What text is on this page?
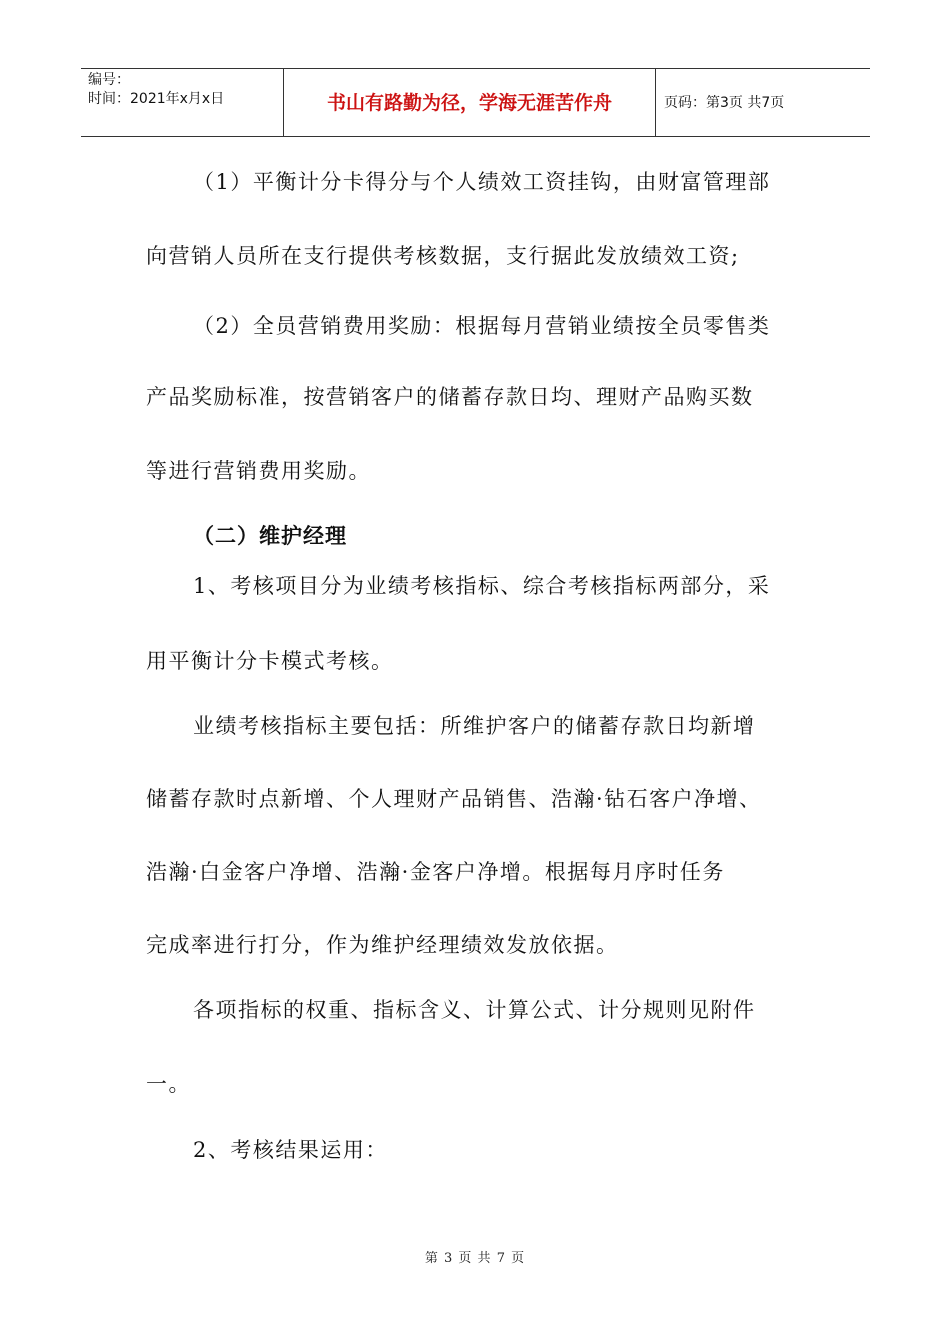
编号：
时间：2021年x月x日	书山有路勤为径，学海无涯苦作舟	页码：第3页 共7页
（1）平衡计分卡得分与个人绩效工资挂钩，由财富管理部
向营销人员所在支行提供考核数据，支行据此发放绩效工资;
（2）全员营销费用奖励：根据每月营销业绩按全员零售类
产品奖励标准，按营销客户的储蓄存款日均、理财产品购买数
等进行营销费用奖励。
（二）维护经理
1、考核项目分为业绩考核指标、综合考核指标两部分，采
用平衡计分卡模式考核。
业绩考核指标主要包括：所维护客户的储蓄存款日均新增
储蓄存款时点新增、个人理财产品销售、浩瀚·钻石客户净增、
浩瀚·白金客户净增、浩瀚·金客户净增。根据每月序时任务
完成率进行打分，作为维护经理绩效发放依据。
各项指标的权重、指标含义、计算公式、计分规则见附件
一。
2、考核结果运用：
第 3 页 共 7 页
